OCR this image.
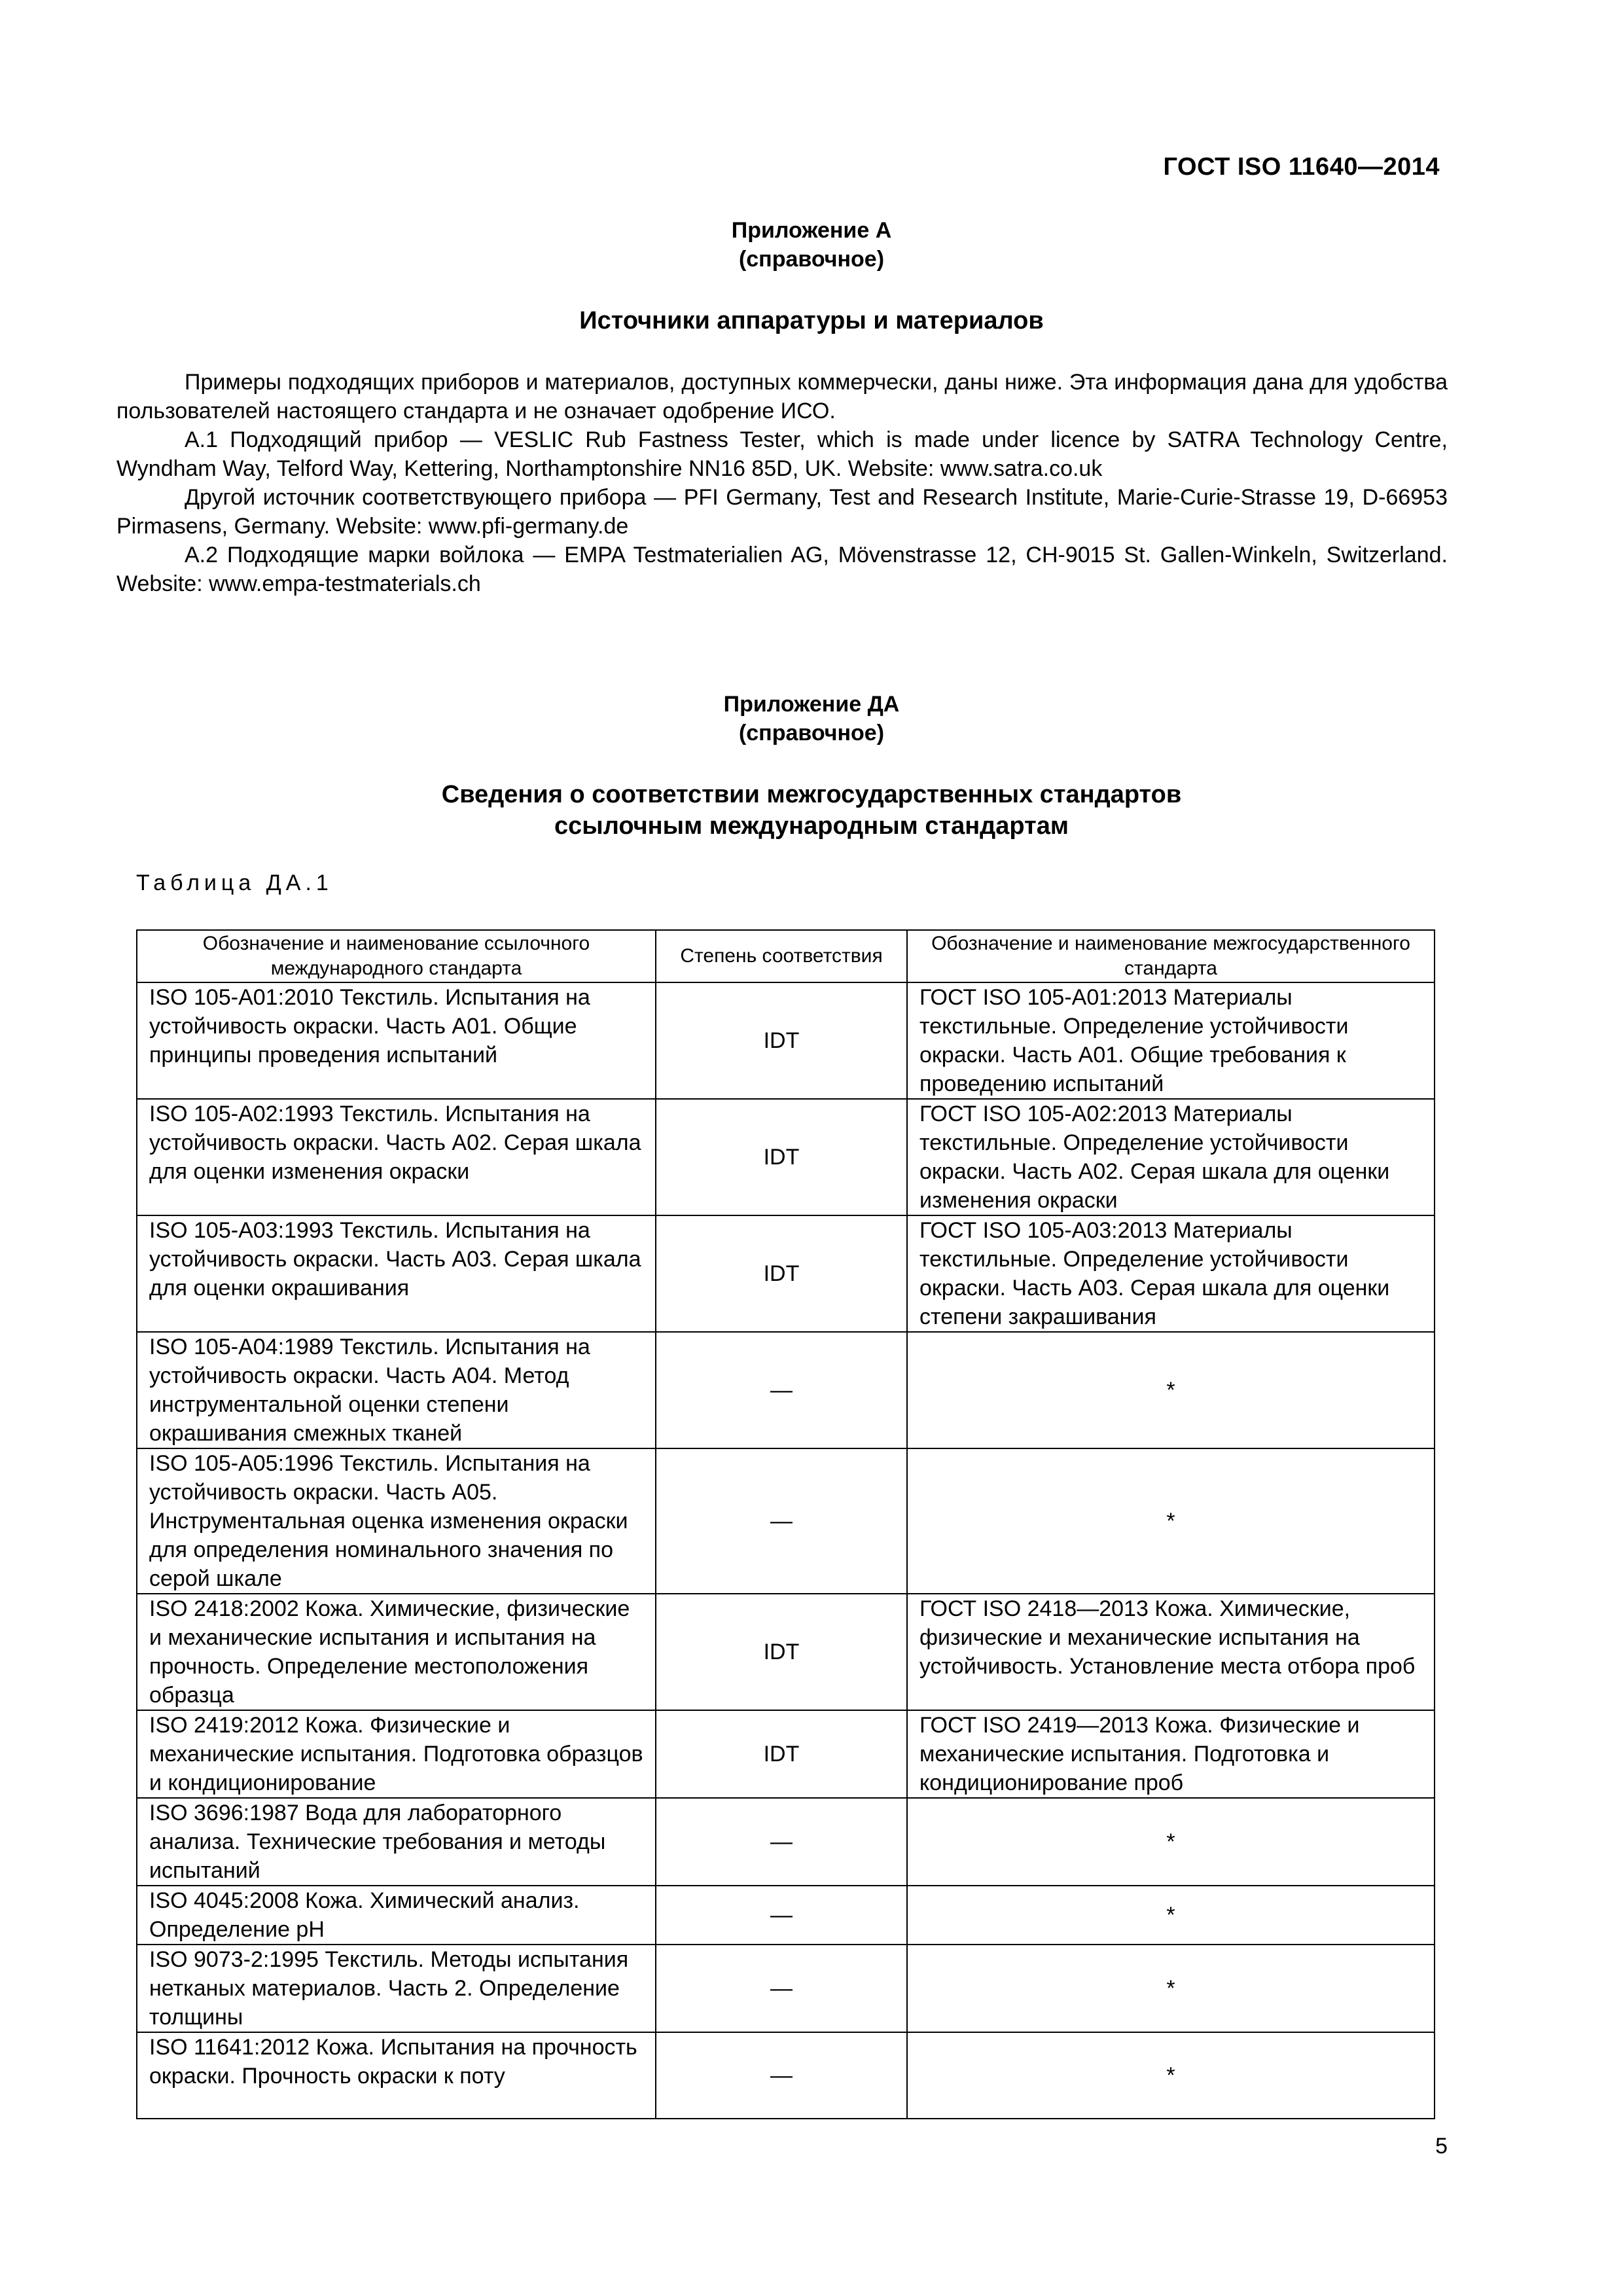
ГОСТ ISO 11640—2014
Приложение А
(справочное)
Источники аппаратуры и материалов

Примеры подходящих приборов и материалов, доступных коммерчески, даны ниже. Эта информация дана для удобства пользователей настоящего стандарта и не означает одобрение ИСО.

А.1 Подходящий прибор — VESLIC Rub Fastness Tester, which is made under licence by SATRA Technology Centre, Wyndham Way, Telford Way, Kettering, Northamptonshire NN16 85D, UK. Website: www.satra.co.uk

Другой источник соответствующего прибора — PFI Germany, Test and Research Institute, Marie-Curie-Strasse 19, D-66953 Pirmasens, Germany. Website: www.pfi-germany.de

А.2 Подходящие марки войлока — EMPA Testmaterialien AG, Mövenstrasse 12, CH-9015 St. Gallen-Winkeln, Switzerland. Website: www.empa-testmaterials.ch

Приложение ДА
(справочное)
Сведения о соответствии межгосударственных стандартов
ссылочным международным стандартам
Таблица ДА.1
Обозначение и наименование ссылочного международного стандарта	Степень соответствия	Обозначение и наименование межгосударственного стандарта
ISO 105-A01:2010 Текстиль. Испытания на устойчивость окраски. Часть A01. Общие принципы проведения испытаний	IDT	ГОСТ ISO 105-A01:2013 Материалы текстильные. Определение устойчивости окраски. Часть A01. Общие требования к проведению испытаний
ISO 105-A02:1993 Текстиль. Испытания на устойчивость окраски. Часть A02. Серая шкала для оценки изменения окраски	IDT	ГОСТ ISO 105-A02:2013 Материалы текстильные. Определение устойчивости окраски. Часть A02. Серая шкала для оценки изменения окраски
ISO 105-A03:1993 Текстиль. Испытания на устойчивость окраски. Часть A03. Серая шкала для оценки окрашивания	IDT	ГОСТ ISO 105-A03:2013 Материалы текстильные. Определение устойчивости окраски. Часть A03. Серая шкала для оценки степени закрашивания
ISO 105-A04:1989 Текстиль. Испытания на устойчивость окраски. Часть A04. Метод инструментальной оценки степени окрашивания смежных тканей	—	*
ISO 105-A05:1996 Текстиль. Испытания на устойчивость окраски. Часть A05. Инструментальная оценка изменения окраски для определения номинального значения по серой шкале	—	*
ISO 2418:2002 Кожа. Химические, физические и механические испытания и испытания на прочность. Определение местоположения образца	IDT	ГОСТ ISO 2418—2013 Кожа. Химические, физические и механические испытания на устойчивость. Установление места отбора проб
ISO 2419:2012 Кожа. Физические и механические испытания. Подготовка образцов и кондиционирование	IDT	ГОСТ ISO 2419—2013 Кожа. Физические и механические испытания. Подготовка и кондиционирование проб
ISO 3696:1987 Вода для лабораторного анализа. Технические требования и методы испытаний	—	*
ISO 4045:2008 Кожа. Химический анализ. Определение рН	—	*
ISO 9073-2:1995 Текстиль. Методы испытания нетканых материалов. Часть 2. Определение толщины	—	*
ISO 11641:2012 Кожа. Испытания на прочность окраски. Прочность окраски к поту	—	*
5
